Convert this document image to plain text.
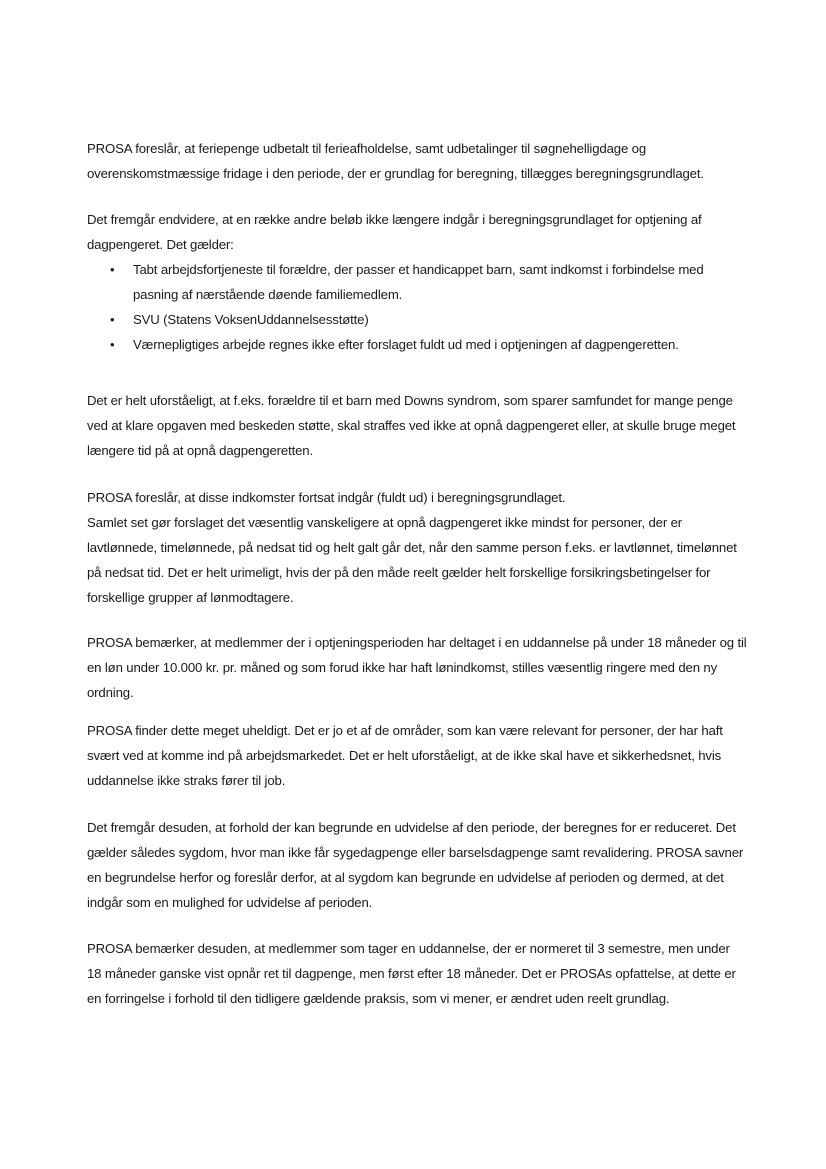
PROSA foreslår, at feriepenge udbetalt til ferieafholdelse, samt udbetalinger til søgnehelligdage og overenskomstmæssige fridage i den periode, der er grundlag for beregning, tillægges beregningsgrundlaget.

Det fremgår endvidere, at en række andre beløb ikke længere indgår i beregningsgrundlaget for optjening af dagpengeret. Det gælder:

• Tabt arbejdsfortjeneste til forældre, der passer et handicappet barn, samt indkomst i forbindelse med pasning af nærstående døende familiemedlem.
• SVU (Statens VoksenUddannelsesstøtte)
• Værnepligtiges arbejde regnes ikke efter forslaget fuldt ud med i optjeningen af dagpengeretten.

Det er helt uforståeligt, at f.eks. forældre til et barn med Downs syndrom, som sparer samfundet for mange penge ved at klare opgaven med beskeden støtte, skal straffes ved ikke at opnå dagpengeret eller, at skulle bruge meget længere tid på at opnå dagpengeretten.

PROSA foreslår, at disse indkomster fortsat indgår (fuldt ud) i beregningsgrundlaget.

Samlet set gør forslaget det væsentlig vanskeligere at opnå dagpengeret ikke mindst for personer, der er lavtlønnede, timelønnede, på nedsat tid og helt galt går det, når den samme person f.eks. er lavtlønnet, timelønnet på nedsat tid. Det er helt urimeligt, hvis der på den måde reelt gælder helt forskellige forsikringsbetingelser for forskellige grupper af lønmodtagere.

PROSA bemærker, at medlemmer der i optjeningsperioden har deltaget i en uddannelse på under 18 måneder og til en løn under 10.000 kr. pr. måned og som forud ikke har haft lønindkomst, stilles væsentlig ringere med den ny ordning.

PROSA finder dette meget uheldigt. Det er jo et af de områder, som kan være relevant for personer, der har haft svært ved at komme ind på arbejdsmarkedet. Det er helt uforståeligt, at de ikke skal have et sikkerhedsnet, hvis uddannelse ikke straks fører til job.

Det fremgår desuden, at forhold der kan begrunde en udvidelse af den periode, der beregnes for er reduceret. Det gælder således sygdom, hvor man ikke får sygedagpenge eller barselsdagpenge samt revalidering. PROSA savner en begrundelse herfor og foreslår derfor, at al sygdom kan begrunde en udvidelse af perioden og dermed, at det indgår som en mulighed for udvidelse af perioden.

PROSA bemærker desuden, at medlemmer som tager en uddannelse, der er normeret til 3 semestre, men under 18 måneder ganske vist opnår ret til dagpenge, men først efter 18 måneder. Det er PROSAs opfattelse, at dette er en forringelse i forhold til den tidligere gældende praksis, som vi mener, er ændret uden reelt grundlag.
